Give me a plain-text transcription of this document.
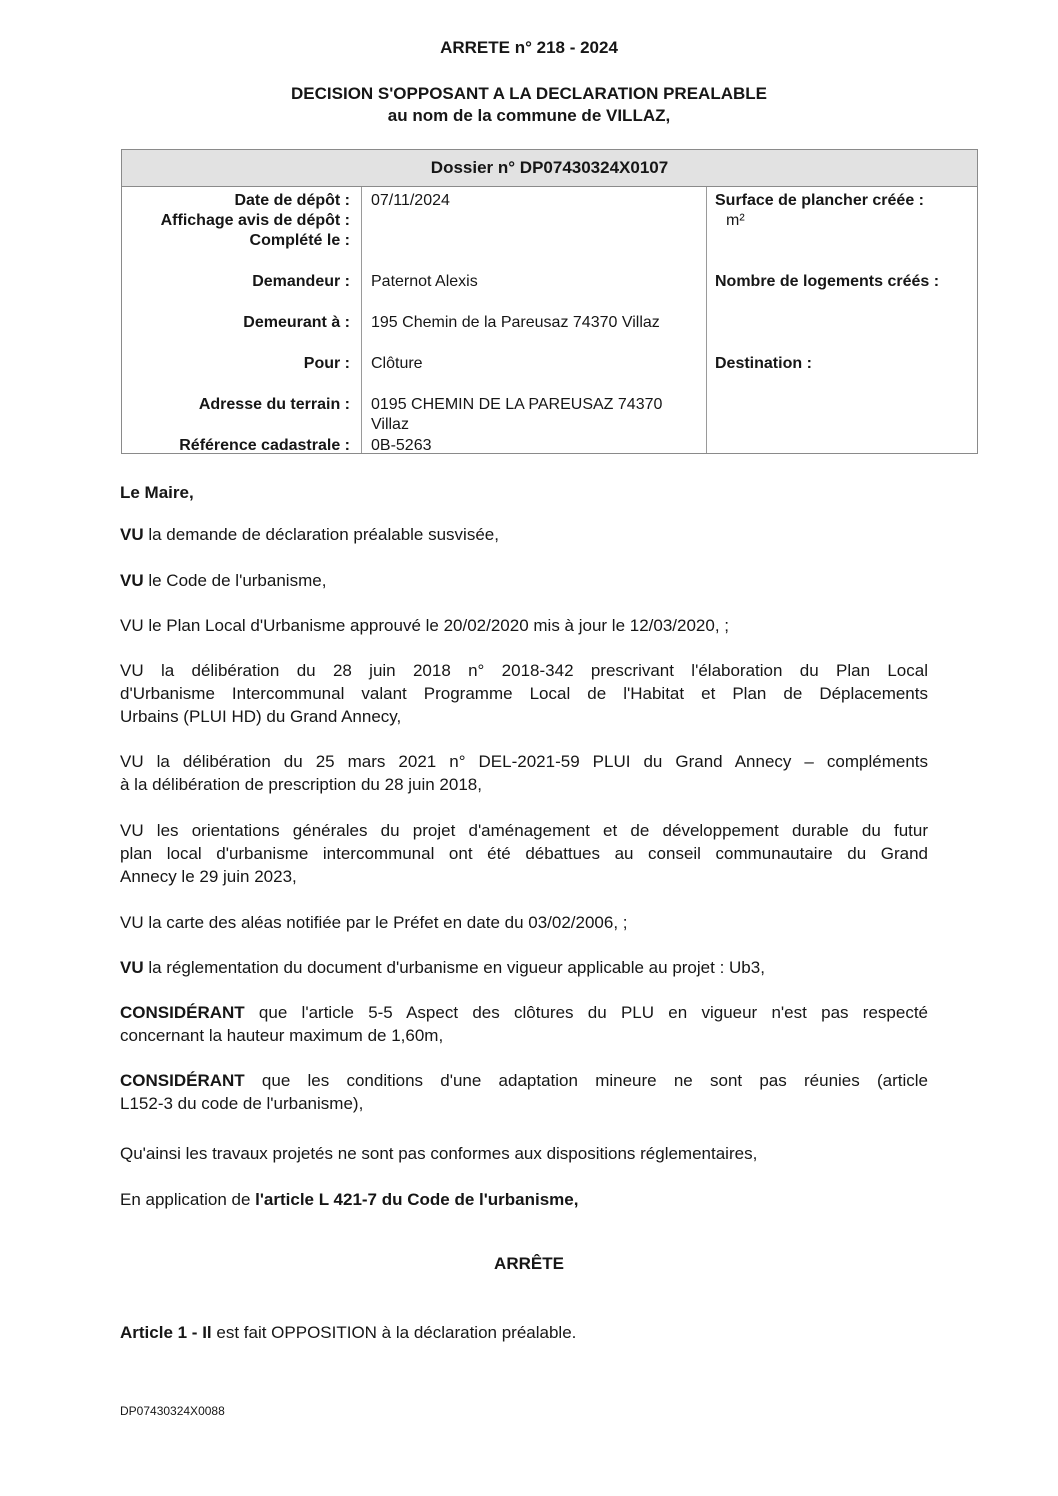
ARRETE n° 218 - 2024
DECISION S'OPPOSANT A LA DECLARATION PREALABLE
au nom de la commune de VILLAZ,
Dossier n° DP07430324X0107
Date de dépôt :
Affichage avis de dépôt :
Complété le :
Demandeur :
Demeurant à :
Pour :
Adresse du terrain :
Référence cadastrale :
07/11/2024
Paternot Alexis
195 Chemin de la Pareusaz 74370 Villaz
Clôture
0195 CHEMIN DE LA PAREUSAZ 74370
Villaz
0B-5263
Surface de plancher créée :
m²
Nombre de logements créés :
Destination :
Le Maire,
VU la demande de déclaration préalable susvisée,
VU le Code de l'urbanisme,
VU le Plan Local d'Urbanisme approuvé le 20/02/2020 mis à jour le 12/03/2020, ;
VU la délibération du 28 juin 2018 n° 2018-342 prescrivant l'élaboration du Plan Local
d'Urbanisme Intercommunal valant Programme Local de l'Habitat et Plan de Déplacements
Urbains (PLUI HD) du Grand Annecy,
VU la délibération du 25 mars 2021 n° DEL-2021-59 PLUI du Grand Annecy – compléments
à la délibération de prescription du 28 juin 2018,
VU les orientations générales du projet d'aménagement et de développement durable du futur
plan local d'urbanisme intercommunal ont été débattues au conseil communautaire du Grand
Annecy le 29 juin 2023,
VU la carte des aléas notifiée par le Préfet en date du 03/02/2006, ;
VU la réglementation du document d'urbanisme en vigueur applicable au projet : Ub3,
CONSIDÉRANT que l'article 5-5 Aspect des clôtures du PLU en vigueur n'est pas respecté
concernant la hauteur maximum de 1,60m,
CONSIDÉRANT que les conditions d'une adaptation mineure ne sont pas réunies (article
L152-3 du code de l'urbanisme),
Qu'ainsi les travaux projetés ne sont pas conformes aux dispositions réglementaires,
En application de l'article L 421-7 du Code de l'urbanisme,
ARRÊTE
Article 1 - Il est fait OPPOSITION à la déclaration préalable.
DP07430324X0088
